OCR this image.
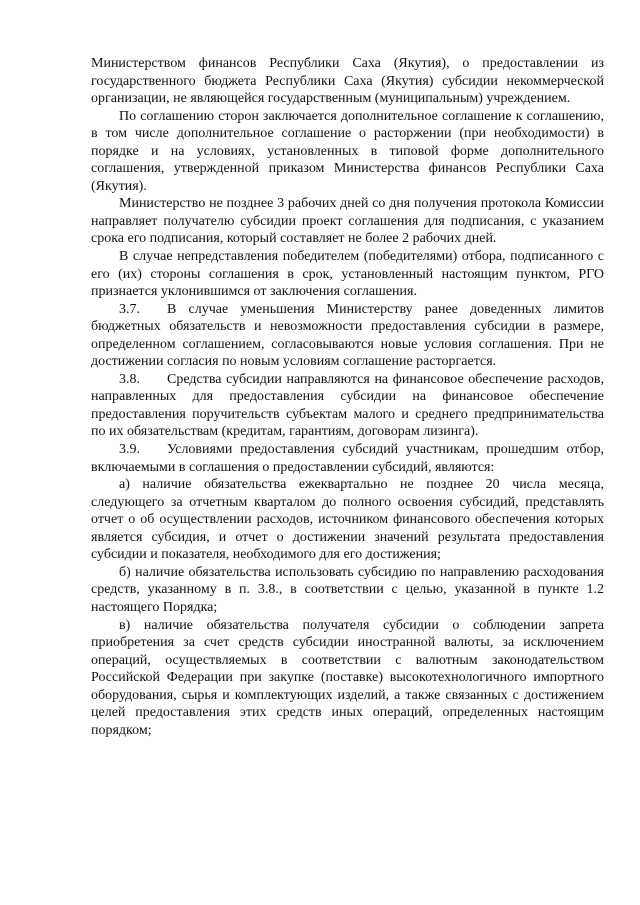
Министерством финансов Республики Саха (Якутия), о предоставлении из государственного бюджета Республики Саха (Якутия) субсидии некоммерческой организации, не являющейся государственным (муниципальным) учреждением.

По соглашению сторон заключается дополнительное соглашение к соглашению, в том числе дополнительное соглашение о расторжении (при необходимости) в порядке и на условиях, установленных в типовой форме дополнительного соглашения, утвержденной приказом Министерства финансов Республики Саха (Якутия).

Министерство не позднее 3 рабочих дней со дня получения протокола Комиссии направляет получателю субсидии проект соглашения для подписания, с указанием срока его подписания, который составляет не более 2 рабочих дней.

В случае непредставления победителем (победителями) отбора, подписанного с его (их) стороны соглашения в срок, установленный настоящим пунктом, РГО признается уклонившимся от заключения соглашения.

3.7. В случае уменьшения Министерству ранее доведенных лимитов бюджетных обязательств и невозможности предоставления субсидии в размере, определенном соглашением, согласовываются новые условия соглашения. При не достижении согласия по новым условиям соглашение расторгается.

3.8. Средства субсидии направляются на финансовое обеспечение расходов, направленных для предоставления субсидии на финансовое обеспечение предоставления поручительств субъектам малого и среднего предпринимательства по их обязательствам (кредитам, гарантиям, договорам лизинга).

3.9. Условиями предоставления субсидий участникам, прошедшим отбор, включаемыми в соглашения о предоставлении субсидий, являются:

а) наличие обязательства ежеквартально не позднее 20 числа месяца, следующего за отчетным кварталом до полного освоения субсидий, представлять отчет о об осуществлении расходов, источником финансового обеспечения которых является субсидия, и отчет о достижении значений результата предоставления субсидии и показателя, необходимого для его достижения;

б) наличие обязательства использовать субсидию по направлению расходования средств, указанному в п. 3.8., в соответствии с целью, указанной в пункте 1.2 настоящего Порядка;

в) наличие обязательства получателя субсидии о соблюдении запрета приобретения за счет средств субсидии иностранной валюты, за исключением операций, осуществляемых в соответствии с валютным законодательством Российской Федерации при закупке (поставке) высокотехнологичного импортного оборудования, сырья и комплектующих изделий, а также связанных с достижением целей предоставления этих средств иных операций, определенных настоящим порядком;
